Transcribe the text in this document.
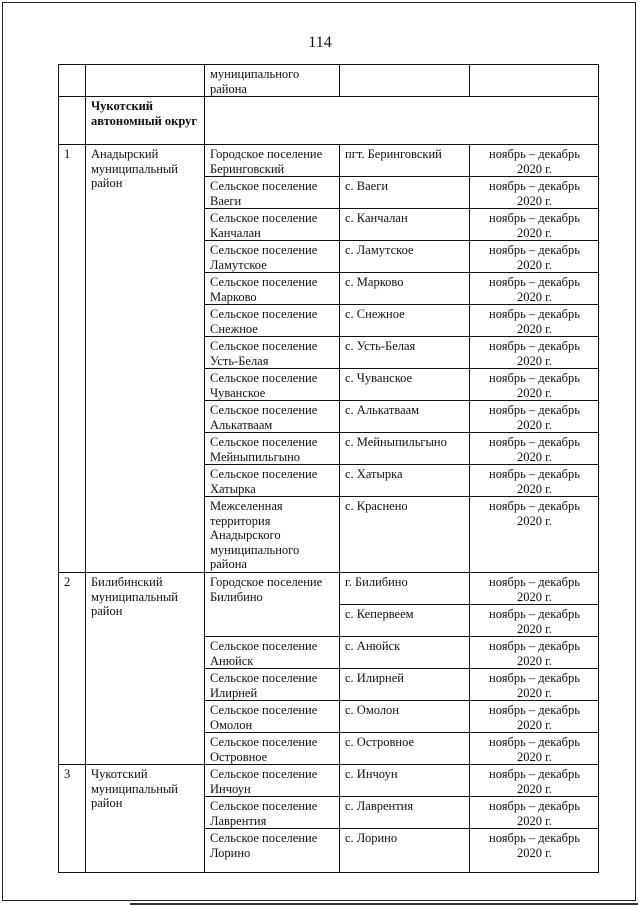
114
		муниципального района		
	Чукотский автономный округ			
1	Анадырский муниципальный район	Городское поселение Беринговский	пгт. Беринговский	ноябрь – декабрь 2020 г.
		Сельское поселение Ваеги	с. Ваеги	ноябрь – декабрь 2020 г.
		Сельское поселение Канчалан	с. Канчалан	ноябрь – декабрь 2020 г.
		Сельское поселение Ламутское	с. Ламутское	ноябрь – декабрь 2020 г.
		Сельское поселение Марково	с. Марково	ноябрь – декабрь 2020 г.
		Сельское поселение Снежное	с. Снежное	ноябрь – декабрь 2020 г.
		Сельское поселение Усть-Белая	с. Усть-Белая	ноябрь – декабрь 2020 г.
		Сельское поселение Чуванское	с. Чуванское	ноябрь – декабрь 2020 г.
		Сельское поселение Алькатваам	с. Алькатваам	ноябрь – декабрь 2020 г.
		Сельское поселение Мейныпильгыно	с. Мейныпильгыно	ноябрь – декабрь 2020 г.
		Сельское поселение Хатырка	с. Хатырка	ноябрь – декабрь 2020 г.
		Межселенная территория Анадырского муниципального района	с. Краснено	ноябрь – декабрь 2020 г.
2	Билибинский муниципальный район	Городское поселение Билибино	г. Билибино	ноябрь – декабрь 2020 г.
			с. Кепервеем	ноябрь – декабрь 2020 г.
		Сельское поселение Анюйск	с. Анюйск	ноябрь – декабрь 2020 г.
		Сельское поселение Илирней	с. Илирней	ноябрь – декабрь 2020 г.
		Сельское поселение Омолон	с. Омолон	ноябрь – декабрь 2020 г.
		Сельское поселение Островное	с. Островное	ноябрь – декабрь 2020 г.
3	Чукотский муниципальный район	Сельское поселение Инчоун	с. Инчоун	ноябрь – декабрь 2020 г.
		Сельское поселение Лаврентия	с. Лаврентия	ноябрь – декабрь 2020 г.
		Сельское поселение Лорино	с. Лорино	ноябрь – декабрь 2020 г.
